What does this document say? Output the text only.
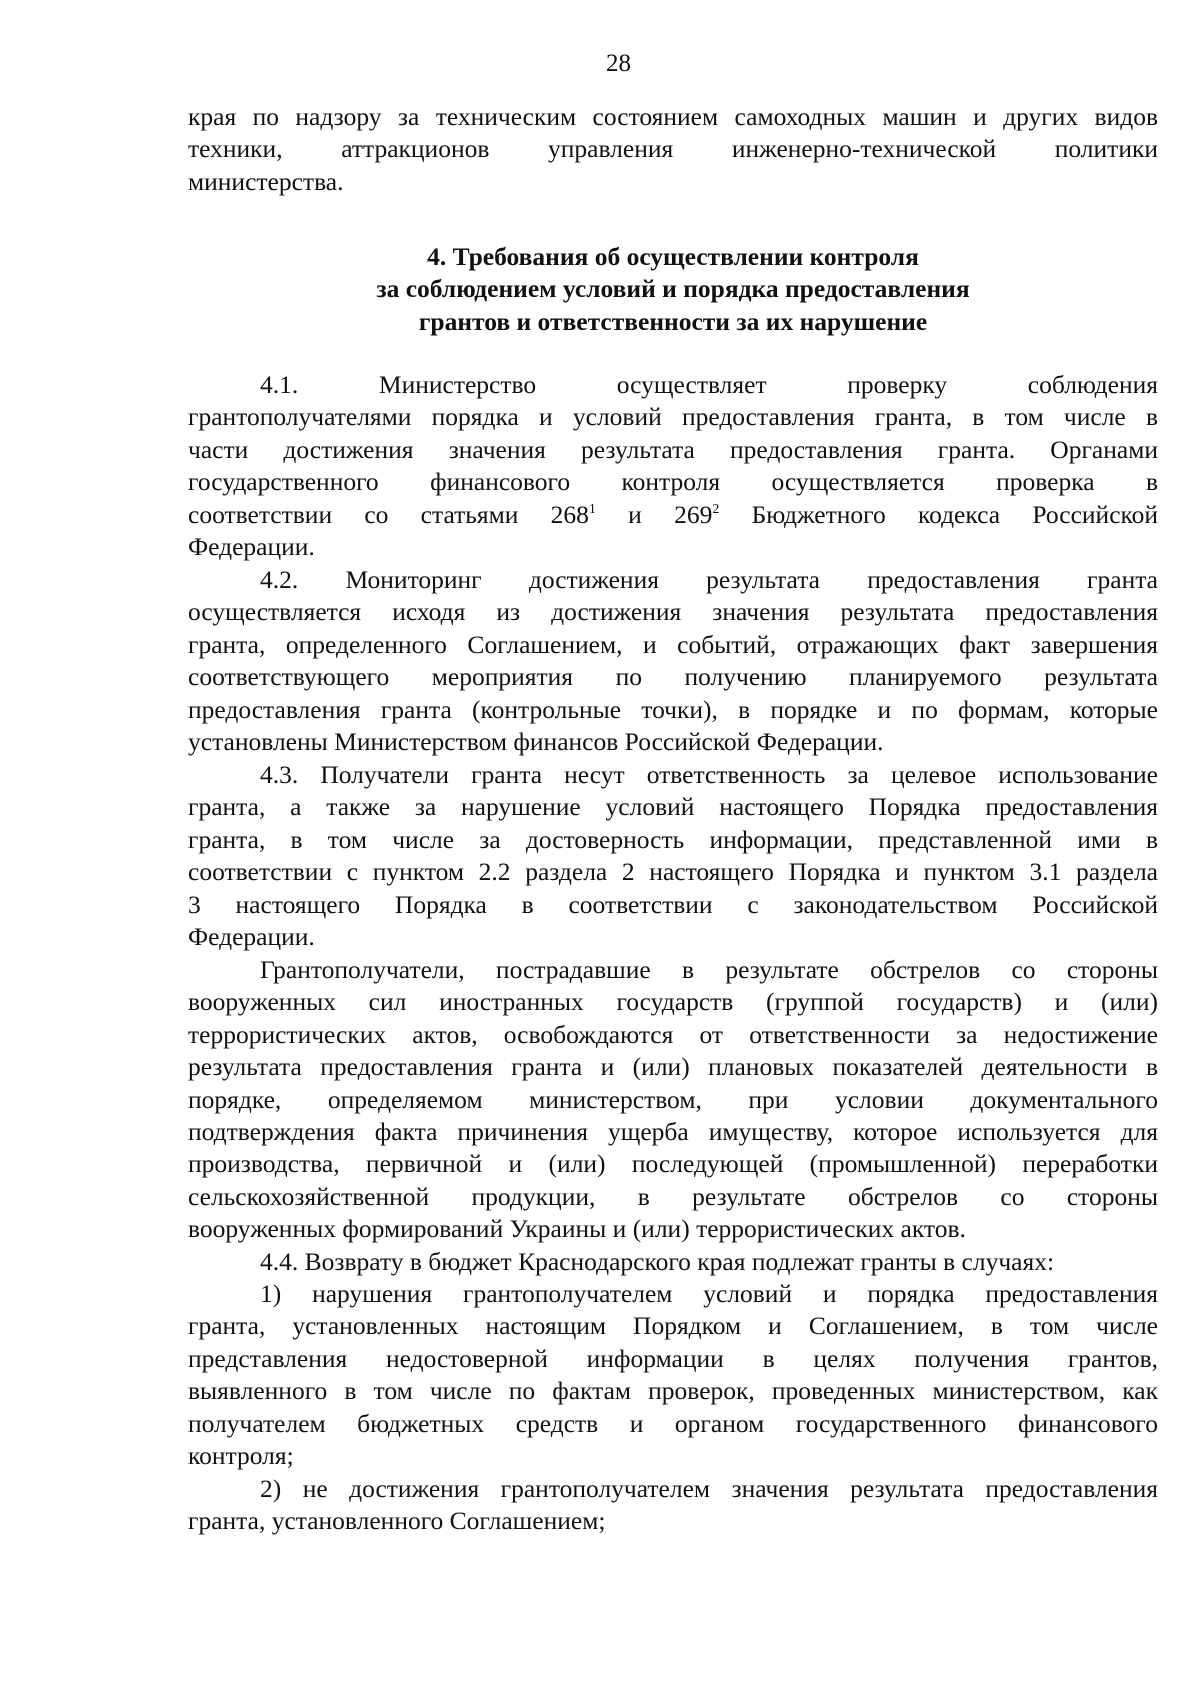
28
края по надзору за техническим состоянием самоходных машин и других видов
техники, аттракционов управления инженерно-технической политики
министерства.
4. Требования об осуществлении контроля
за соблюдением условий и порядка предоставления
грантов и ответственности за их нарушение
4.1. Министерство осуществляет проверку соблюдения
грантополучателями порядка и условий предоставления гранта, в том числе в
части достижения значения результата предоставления гранта. Органами
государственного финансового контроля осуществляется проверка в
соответствии со статьями $268^1$ и $269^2$ Бюджетного кодекса Российской
Федерации.
4.2. Мониторинг достижения результата предоставления гранта
осуществляется исходя из достижения значения результата предоставления
гранта, определенного Соглашением, и событий, отражающих факт завершения
соответствующего мероприятия по получению планируемого результата
предоставления гранта (контрольные точки), в порядке и по формам, которые
установлены Министерством финансов Российской Федерации.
4.3. Получатели гранта несут ответственность за целевое использование
гранта, а также за нарушение условий настоящего Порядка предоставления
гранта, в том числе за достоверность информации, представленной ими в
соответствии с пунктом 2.2 раздела 2 настоящего Порядка и пунктом 3.1 раздела
3 настоящего Порядка в соответствии с законодательством Российской
Федерации.
Грантополучатели, пострадавшие в результате обстрелов со стороны
вооруженных сил иностранных государств (группой государств) и (или)
террористических актов, освобождаются от ответственности за недостижение
результата предоставления гранта и (или) плановых показателей деятельности в
порядке, определяемом министерством, при условии документального
подтверждения факта причинения ущерба имуществу, которое используется для
производства, первичной и (или) последующей (промышленной) переработки
сельскохозяйственной продукции, в результате обстрелов со стороны
вооруженных формирований Украины и (или) террористических актов.
4.4. Возврату в бюджет Краснодарского края подлежат гранты в случаях:
1) нарушения грантополучателем условий и порядка предоставления
гранта, установленных настоящим Порядком и Соглашением, в том числе
представления недостоверной информации в целях получения грантов,
выявленного в том числе по фактам проверок, проведенных министерством, как
получателем бюджетных средств и органом государственного финансового
контроля;
2) не достижения грантополучателем значения результата предоставления
гранта, установленного Соглашением;
